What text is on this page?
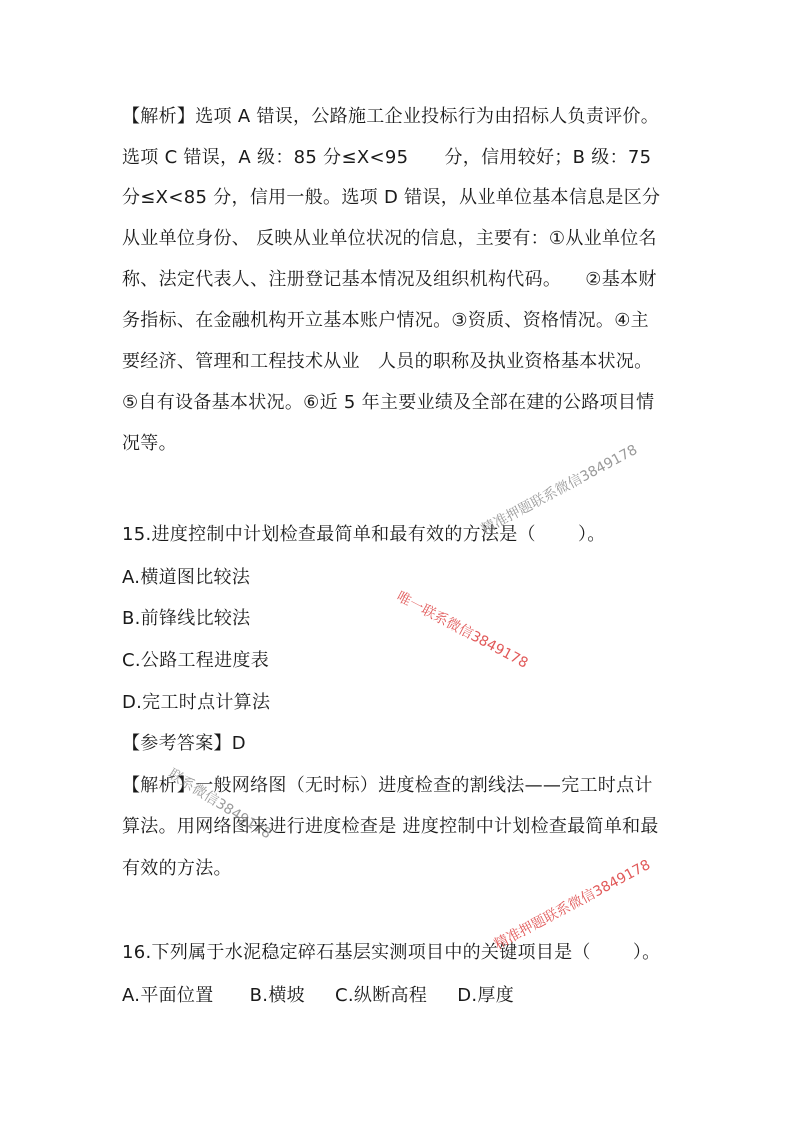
【解析】选项 A 错误，公路施工企业投标行为由招标人负责评价。
选项 C 错误，A 级：85 分≤X<95      分，信用较好；B 级：75
分≤X<85 分，信用一般。选项 D 错误，从业单位基本信息是区分
从业单位身份、 反映从业单位状况的信息，主要有：①从业单位名
称、法定代表人、注册登记基本情况及组织机构代码。    ②基本财
务指标、在金融机构开立基本账户情况。③资质、资格情况。④主
要经济、管理和工程技术从业   人员的职称及执业资格基本状况。
⑤自有设备基本状况。⑥近 5 年主要业绩及全部在建的公路项目情
况等。
15.进度控制中计划检查最简单和最有效的方法是（       ）。
A.横道图比较法
B.前锋线比较法
C.公路工程进度表
D.完工时点计算法
【参考答案】D
【解析】一般网络图（无时标）进度检查的割线法——完工时点计
算法。用网络图来进行进度检查是 进度控制中计划检查最简单和最
有效的方法。
16.下列属于水泥稳定碎石基层实测项目中的关键项目是（       ）。
A.平面位置      B.横坡     C.纵断高程     D.厚度
精准押题联系微信3849178
唯一联系微信3849178
联系微信3849178
精准押题联系微信3849178
